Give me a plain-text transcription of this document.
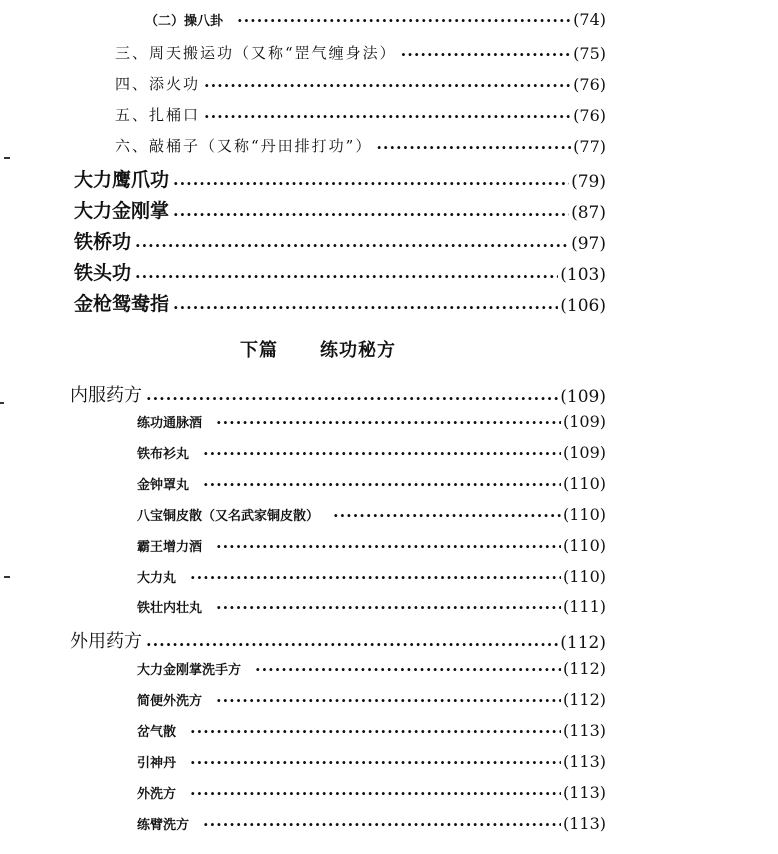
（二）操八卦 ·····	(74)
三、周天搬运功（又称“罡气缠身法） ·····	(75)
四、添火功 ·····	(76)
五、扎桶口 ·····	(76)
六、敲桶子（又称“丹田排打功”） ·····	(77)
大力鹰爪功 ·····	(79)
大力金刚掌 ·····	(87)
铁桥功 ·····	(97)
铁头功 ·····	(103)
金枪鸳鸯指 ·····	(106)
下篇 练功秘方
内服药方 ·····	(109)
练功通脉酒 ·····	(109)
铁布衫丸 ·····	(109)
金钟罩丸 ·····	(110)
八宝铜皮散（又名武家铜皮散） ·····	(110)
霸王增力酒 ·····	(110)
大力丸 ·····	(110)
铁壮内壮丸 ·····	(111)
外用药方 ·····	(112)
大力金刚掌洗手方 ·····	(112)
简便外洗方 ·····	(112)
岔气散 ·····	(113)
引神丹 ·····	(113)
外洗方 ·····	(113)
练臂洗方 ·····	(113)
